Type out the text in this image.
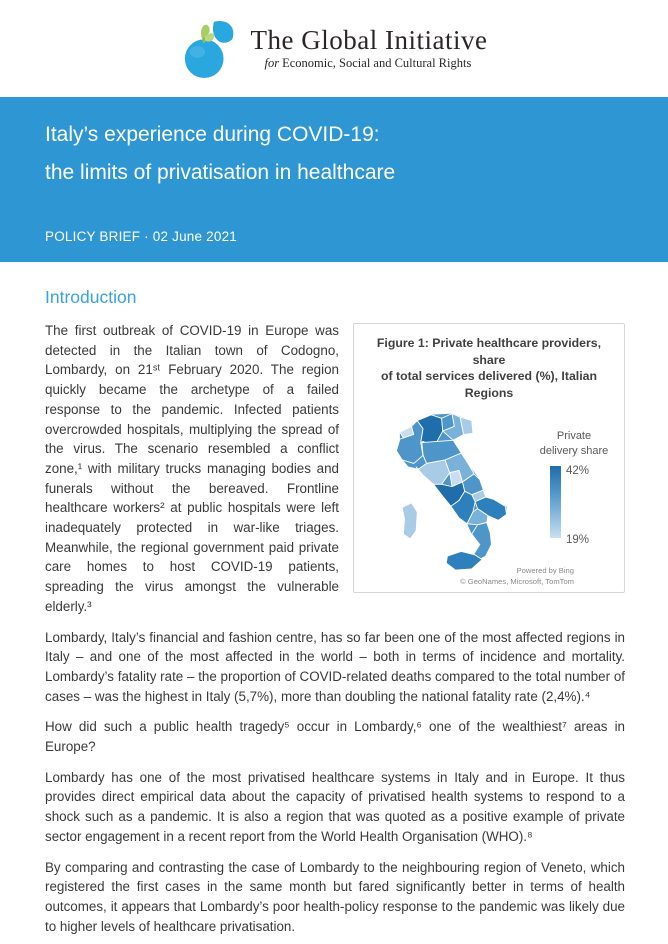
The Global Initiative
for Economic, Social and Cultural Rights
Italy’s experience during COVID-19:
the limits of privatisation in healthcare
POLICY BRIEF · 02 June 2021
Introduction
Figure 1: Private healthcare providers, share
of total services delivered (%), Italian Regions
Private
delivery share
42%
19%
Powered by Bing
© GeoNames, Microsoft, TomTom

The first outbreak of COVID-19 in Europe was detected in the Italian town of Codogno, Lombardy, on 21ˢᵗ February 2020. The region quickly became the archetype of a failed response to the pandemic. Infected patients overcrowded hospitals, multiplying the spread of the virus. The scenario resembled a conflict zone,¹ with military trucks managing bodies and funerals without the bereaved. Frontline healthcare workers² at public hospitals were left inadequately protected in war-like triages. Meanwhile, the regional government paid private care homes to host COVID-19 patients, spreading the virus amongst the vulnerable elderly.³

Lombardy, Italy’s financial and fashion centre, has so far been one of the most affected regions in Italy – and one of the most affected in the world – both in terms of incidence and mortality. Lombardy’s fatality rate – the proportion of COVID-related deaths compared to the total number of cases – was the highest in Italy (5,7%), more than doubling the national fatality rate (2,4%).⁴

How did such a public health tragedy⁵ occur in Lombardy,⁶ one of the wealthiest⁷ areas in Europe?

Lombardy has one of the most privatised healthcare systems in Italy and in Europe. It thus provides direct empirical data about the capacity of privatised health systems to respond to a shock such as a pandemic. It is also a region that was quoted as a positive example of private sector engagement in a recent report from the World Health Organisation (WHO).⁸

By comparing and contrasting the case of Lombardy to the neighbouring region of Veneto, which registered the first cases in the same month but fared significantly better in terms of health outcomes, it appears that Lombardy’s poor health-policy response to the pandemic was likely due to higher levels of healthcare privatisation.
